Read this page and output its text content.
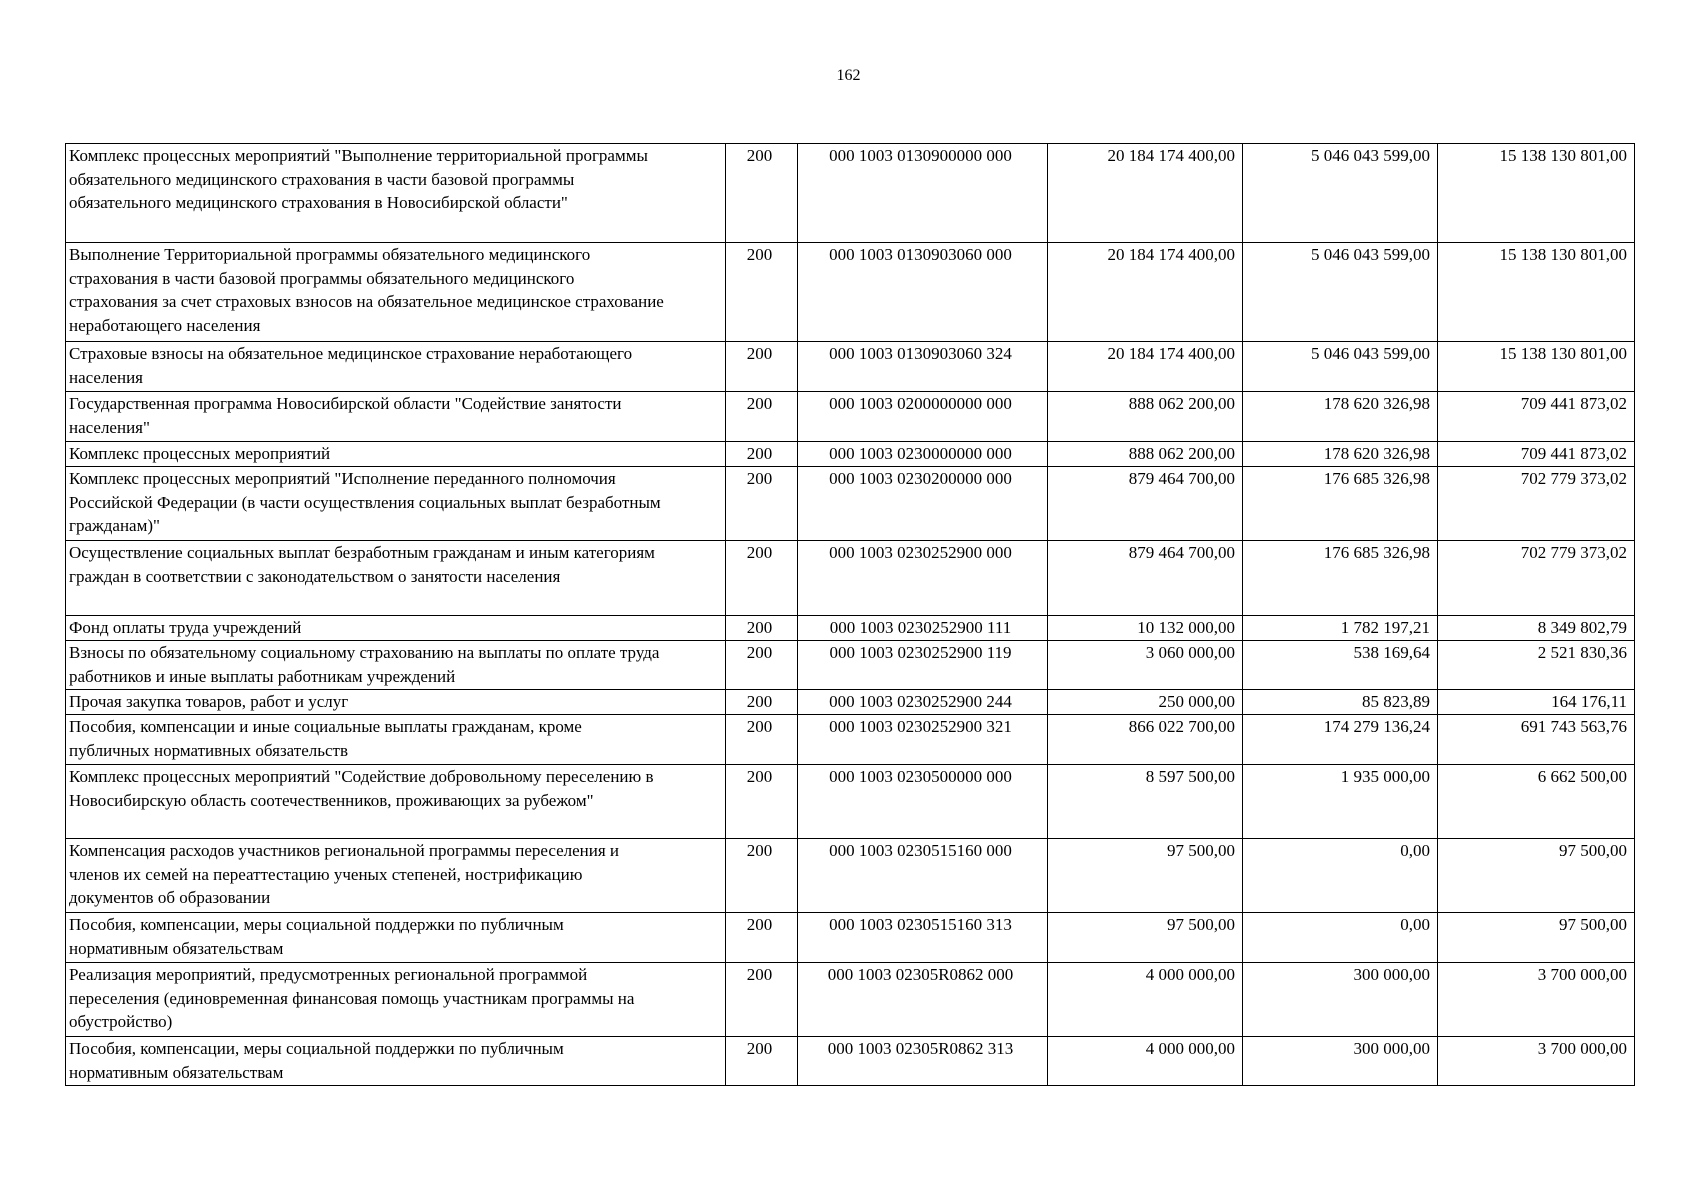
162
Комплекс процессных мероприятий "Выполнение территориальной программы
обязательного медицинского страхования в части базовой программы
обязательного медицинского страхования в Новосибирской области"	200	000 1003 0130900000 000	20 184 174 400,00	5 046 043 599,00	15 138 130 801,00
Выполнение Территориальной программы обязательного медицинского
страхования в части базовой программы обязательного медицинского
страхования за счет страховых взносов на обязательное медицинское страхование
неработающего населения	200	000 1003 0130903060 000	20 184 174 400,00	5 046 043 599,00	15 138 130 801,00
Страховые взносы на обязательное медицинское страхование неработающего
населения	200	000 1003 0130903060 324	20 184 174 400,00	5 046 043 599,00	15 138 130 801,00
Государственная программа Новосибирской области "Содействие занятости
населения"	200	000 1003 0200000000 000	888 062 200,00	178 620 326,98	709 441 873,02
Комплекс процессных мероприятий	200	000 1003 0230000000 000	888 062 200,00	178 620 326,98	709 441 873,02
Комплекс процессных мероприятий "Исполнение переданного полномочия
Российской Федерации (в части осуществления социальных выплат безработным
гражданам)"	200	000 1003 0230200000 000	879 464 700,00	176 685 326,98	702 779 373,02
Осуществление социальных выплат безработным гражданам и иным категориям
граждан в соответствии с законодательством о занятости населения	200	000 1003 0230252900 000	879 464 700,00	176 685 326,98	702 779 373,02
Фонд оплаты труда учреждений	200	000 1003 0230252900 111	10 132 000,00	1 782 197,21	8 349 802,79
Взносы по обязательному социальному страхованию на выплаты по оплате труда
работников и иные выплаты работникам учреждений	200	000 1003 0230252900 119	3 060 000,00	538 169,64	2 521 830,36
Прочая закупка товаров, работ и услуг	200	000 1003 0230252900 244	250 000,00	85 823,89	164 176,11
Пособия, компенсации и иные социальные выплаты гражданам, кроме
публичных нормативных обязательств	200	000 1003 0230252900 321	866 022 700,00	174 279 136,24	691 743 563,76
Комплекс процессных мероприятий "Содействие добровольному переселению в
Новосибирскую область соотечественников, проживающих за рубежом"	200	000 1003 0230500000 000	8 597 500,00	1 935 000,00	6 662 500,00
Компенсация расходов участников региональной программы переселения и
членов их семей на переаттестацию ученых степеней, нострификацию
документов об образовании	200	000 1003 0230515160 000	97 500,00	0,00	97 500,00
Пособия, компенсации, меры социальной поддержки по публичным
нормативным обязательствам	200	000 1003 0230515160 313	97 500,00	0,00	97 500,00
Реализация мероприятий, предусмотренных региональной программой
переселения (единовременная финансовая помощь участникам программы на
обустройство)	200	000 1003 02305R0862 000	4 000 000,00	300 000,00	3 700 000,00
Пособия, компенсации, меры социальной поддержки по публичным
нормативным обязательствам	200	000 1003 02305R0862 313	4 000 000,00	300 000,00	3 700 000,00
